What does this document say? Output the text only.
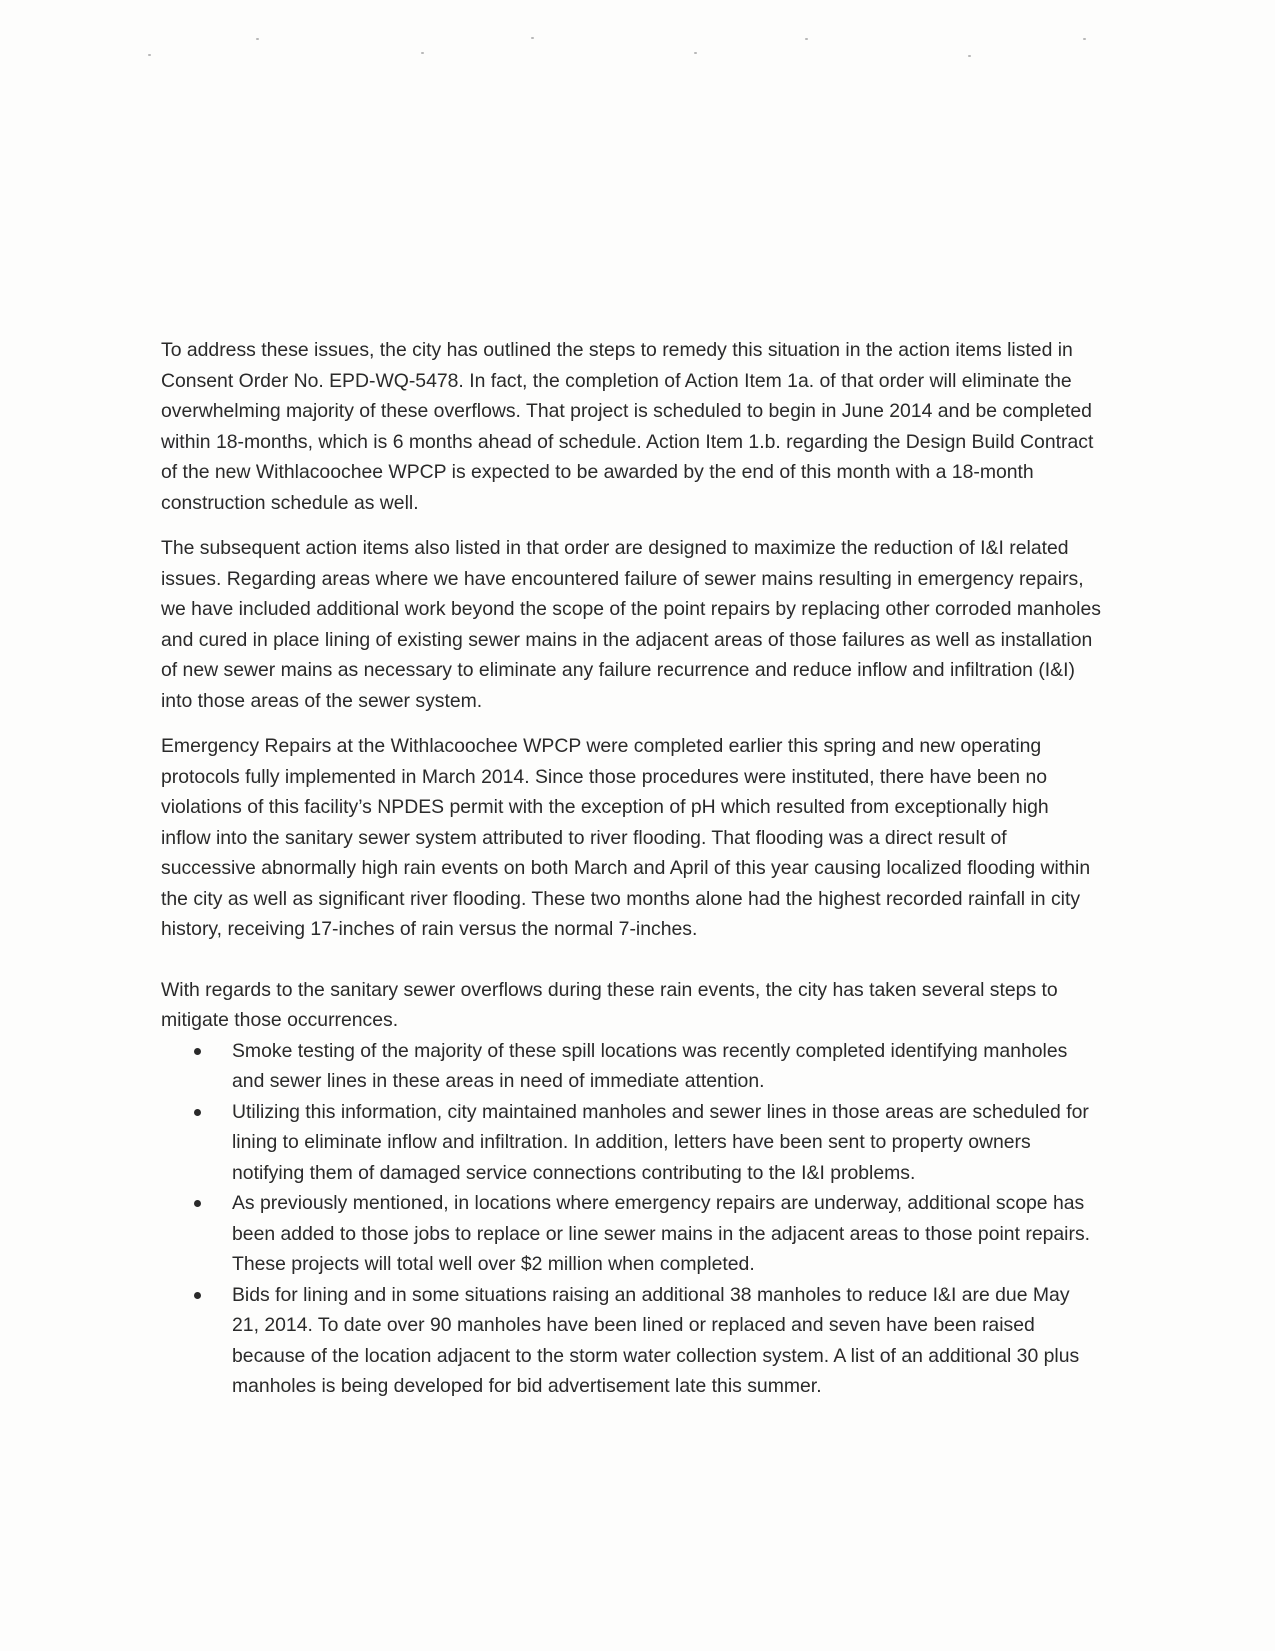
To address these issues, the city has outlined the steps to remedy this situation in the action items listed in Consent Order No. EPD-WQ-5478. In fact, the completion of Action Item 1a. of that order will eliminate the overwhelming majority of these overflows. That project is scheduled to begin in June 2014 and be completed within 18-months, which is 6 months ahead of schedule. Action Item 1.b. regarding the Design Build Contract of the new Withlacoochee WPCP is expected to be awarded by the end of this month with a 18-month construction schedule as well.

The subsequent action items also listed in that order are designed to maximize the reduction of I&I related issues. Regarding areas where we have encountered failure of sewer mains resulting in emergency repairs, we have included additional work beyond the scope of the point repairs by replacing other corroded manholes and cured in place lining of existing sewer mains in the adjacent areas of those failures as well as installation of new sewer mains as necessary to eliminate any failure recurrence and reduce inflow and infiltration (I&I) into those areas of the sewer system.

Emergency Repairs at the Withlacoochee WPCP were completed earlier this spring and new operating protocols fully implemented in March 2014. Since those procedures were instituted, there have been no violations of this facility’s NPDES permit with the exception of pH which resulted from exceptionally high inflow into the sanitary sewer system attributed to river flooding. That flooding was a direct result of successive abnormally high rain events on both March and April of this year causing localized flooding within the city as well as significant river flooding. These two months alone had the highest recorded rainfall in city history, receiving 17-inches of rain versus the normal 7-inches.

With regards to the sanitary sewer overflows during these rain events, the city has taken several steps to mitigate those occurrences.

Smoke testing of the majority of these spill locations was recently completed identifying manholes and sewer lines in these areas in need of immediate attention.
Utilizing this information, city maintained manholes and sewer lines in those areas are scheduled for lining to eliminate inflow and infiltration. In addition, letters have been sent to property owners notifying them of damaged service connections contributing to the I&I problems.
As previously mentioned, in locations where emergency repairs are underway, additional scope has been added to those jobs to replace or line sewer mains in the adjacent areas to those point repairs. These projects will total well over $2 million when completed.
Bids for lining and in some situations raising an additional 38 manholes to reduce I&I are due May 21, 2014. To date over 90 manholes have been lined or replaced and seven have been raised because of the location adjacent to the storm water collection system. A list of an additional 30 plus manholes is being developed for bid advertisement late this summer.
